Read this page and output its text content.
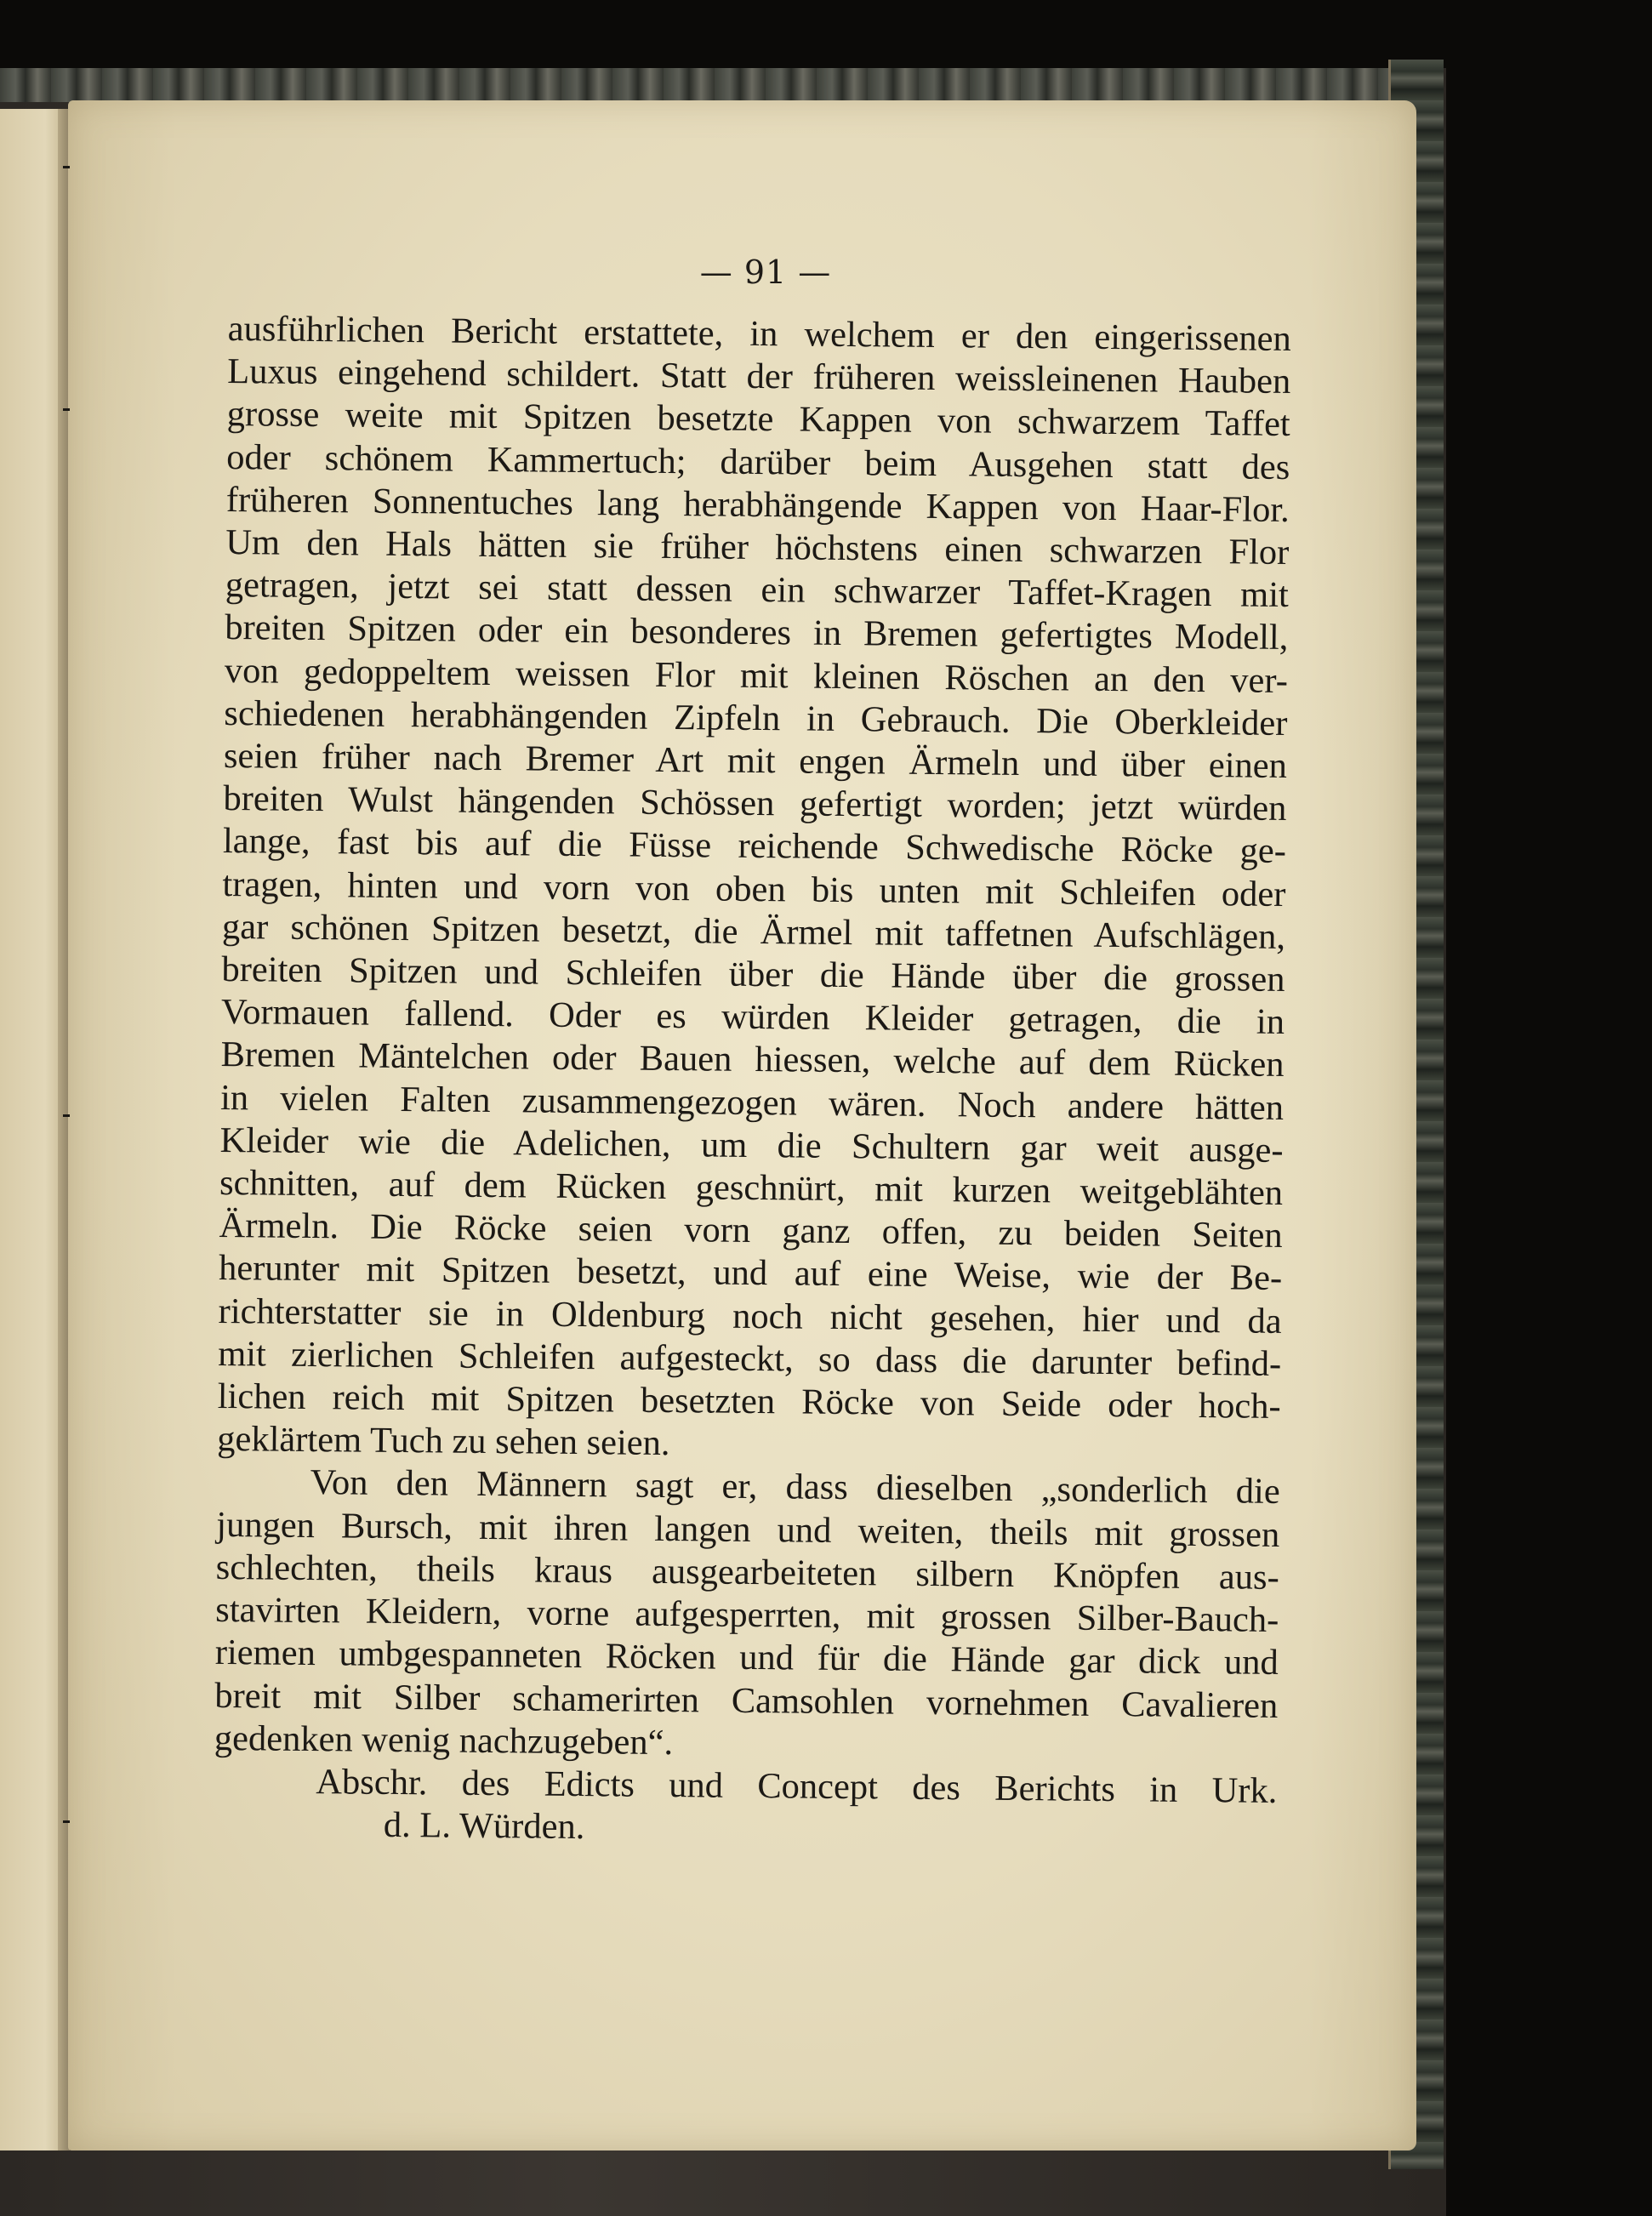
— 91 —
ausführlichen Bericht erstattete, in welchem er den eingerissenen
Luxus eingehend schildert. Statt der früheren weissleinenen Hauben
grosse weite mit Spitzen besetzte Kappen von schwarzem Taffet
oder schönem Kammertuch; darüber beim Ausgehen statt des
früheren Sonnentuches lang herabhängende Kappen von Haar-Flor.
Um den Hals hätten sie früher höchstens einen schwarzen Flor
getragen, jetzt sei statt dessen ein schwarzer Taffet-Kragen mit
breiten Spitzen oder ein besonderes in Bremen gefertigtes Modell,
von gedoppeltem weissen Flor mit kleinen Röschen an den ver-
schiedenen herabhängenden Zipfeln in Gebrauch. Die Oberkleider
seien früher nach Bremer Art mit engen Ärmeln und über einen
breiten Wulst hängenden Schössen gefertigt worden; jetzt würden
lange, fast bis auf die Füsse reichende Schwedische Röcke ge-
tragen, hinten und vorn von oben bis unten mit Schleifen oder
gar schönen Spitzen besetzt, die Ärmel mit taffetnen Aufschlägen,
breiten Spitzen und Schleifen über die Hände über die grossen
Vormauen fallend. Oder es würden Kleider getragen, die in
Bremen Mäntelchen oder Bauen hiessen, welche auf dem Rücken
in vielen Falten zusammengezogen wären. Noch andere hätten
Kleider wie die Adelichen, um die Schultern gar weit ausge-
schnitten, auf dem Rücken geschnürt, mit kurzen weitgeblähten
Ärmeln. Die Röcke seien vorn ganz offen, zu beiden Seiten
herunter mit Spitzen besetzt, und auf eine Weise, wie der Be-
richterstatter sie in Oldenburg noch nicht gesehen, hier und da
mit zierlichen Schleifen aufgesteckt, so dass die darunter befind-
lichen reich mit Spitzen besetzten Röcke von Seide oder hoch-
geklärtem Tuch zu sehen seien.
Von den Männern sagt er, dass dieselben „sonderlich die
jungen Bursch, mit ihren langen und weiten, theils mit grossen
schlechten, theils kraus ausgearbeiteten silbern Knöpfen aus-
stavirten Kleidern, vorne aufgesperrten, mit grossen Silber-Bauch-
riemen umbgespanneten Röcken und für die Hände gar dick und
breit mit Silber schamerirten Camsohlen vornehmen Cavalieren
gedenken wenig nachzugeben“.
Abschr. des Edicts und Concept des Berichts in Urk.
d. L. Würden.
